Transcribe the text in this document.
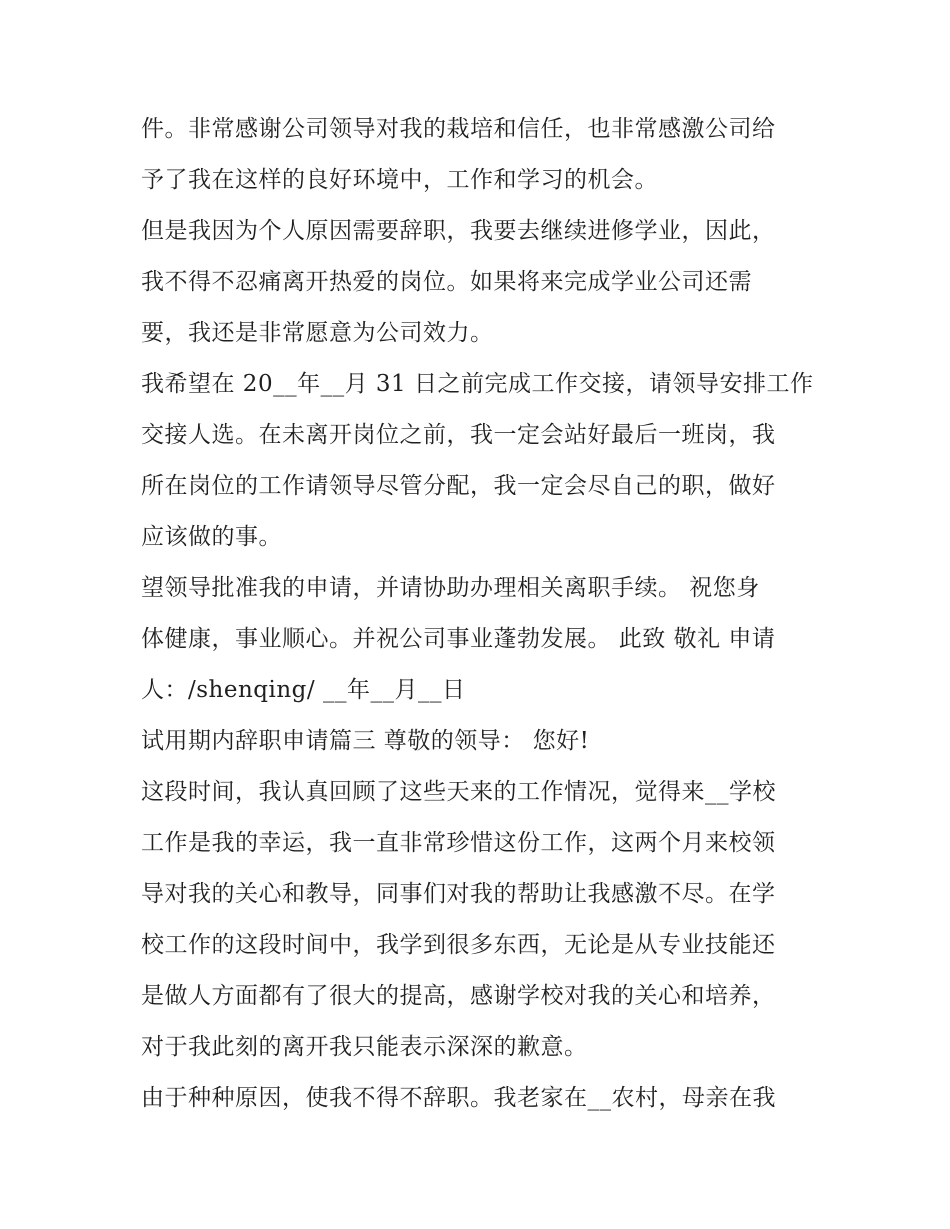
件。非常感谢公司领导对我的栽培和信任，也非常感激公司给
予了我在这样的良好环境中，工作和学习的机会。
但是我因为个人原因需要辞职，我要去继续进修学业，因此，
我不得不忍痛离开热爱的岗位。如果将来完成学业公司还需
要，我还是非常愿意为公司效力。
我希望在 20__年__月 31 日之前完成工作交接，请领导安排工作
交接人选。在未离开岗位之前，我一定会站好最后一班岗，我
所在岗位的工作请领导尽管分配，我一定会尽自己的职，做好
应该做的事。
望领导批准我的申请，并请协助办理相关离职手续。 祝您身
体健康，事业顺心。并祝公司事业蓬勃发展。 此致 敬礼 申请
人：/shenqing/ __年__月__日
试用期内辞职申请篇三 尊敬的领导： 您好!
这段时间，我认真回顾了这些天来的工作情况，觉得来__学校
工作是我的幸运，我一直非常珍惜这份工作，这两个月来校领
导对我的关心和教导，同事们对我的帮助让我感激不尽。在学
校工作的这段时间中，我学到很多东西，无论是从专业技能还
是做人方面都有了很大的提高，感谢学校对我的关心和培养，
对于我此刻的离开我只能表示深深的歉意。
由于种种原因，使我不得不辞职。我老家在__农村，母亲在我
